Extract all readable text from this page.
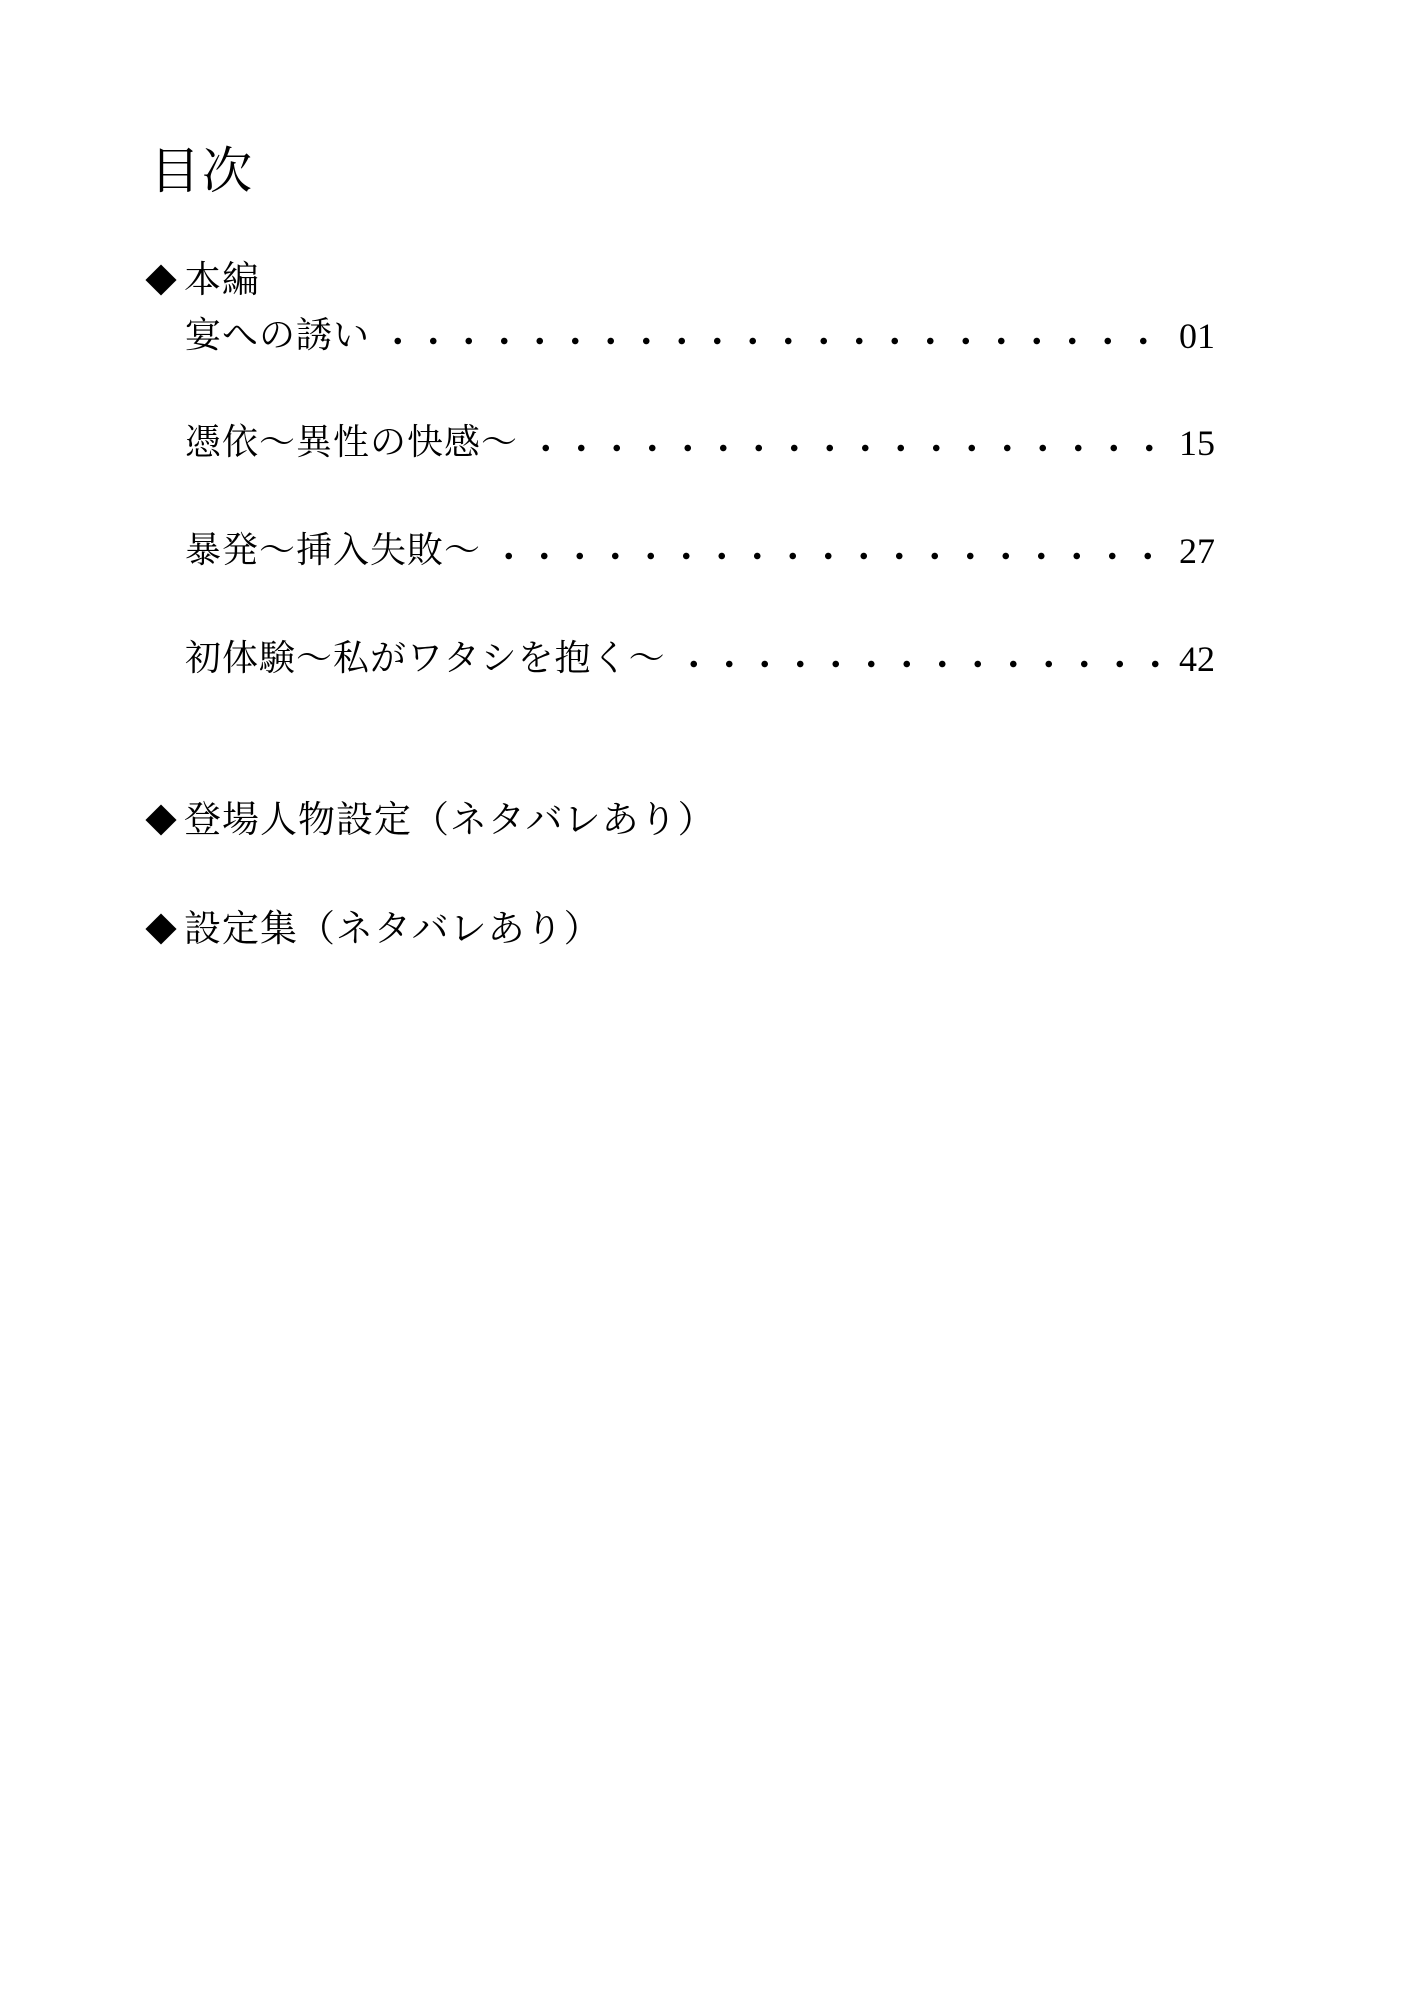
目次
本編
宴への誘い	01
憑依～異性の快感～	15
暴発～挿入失敗～	27
初体験～私がワタシを抱く～	42
登場人物設定（ネタバレあり）
設定集（ネタバレあり）
